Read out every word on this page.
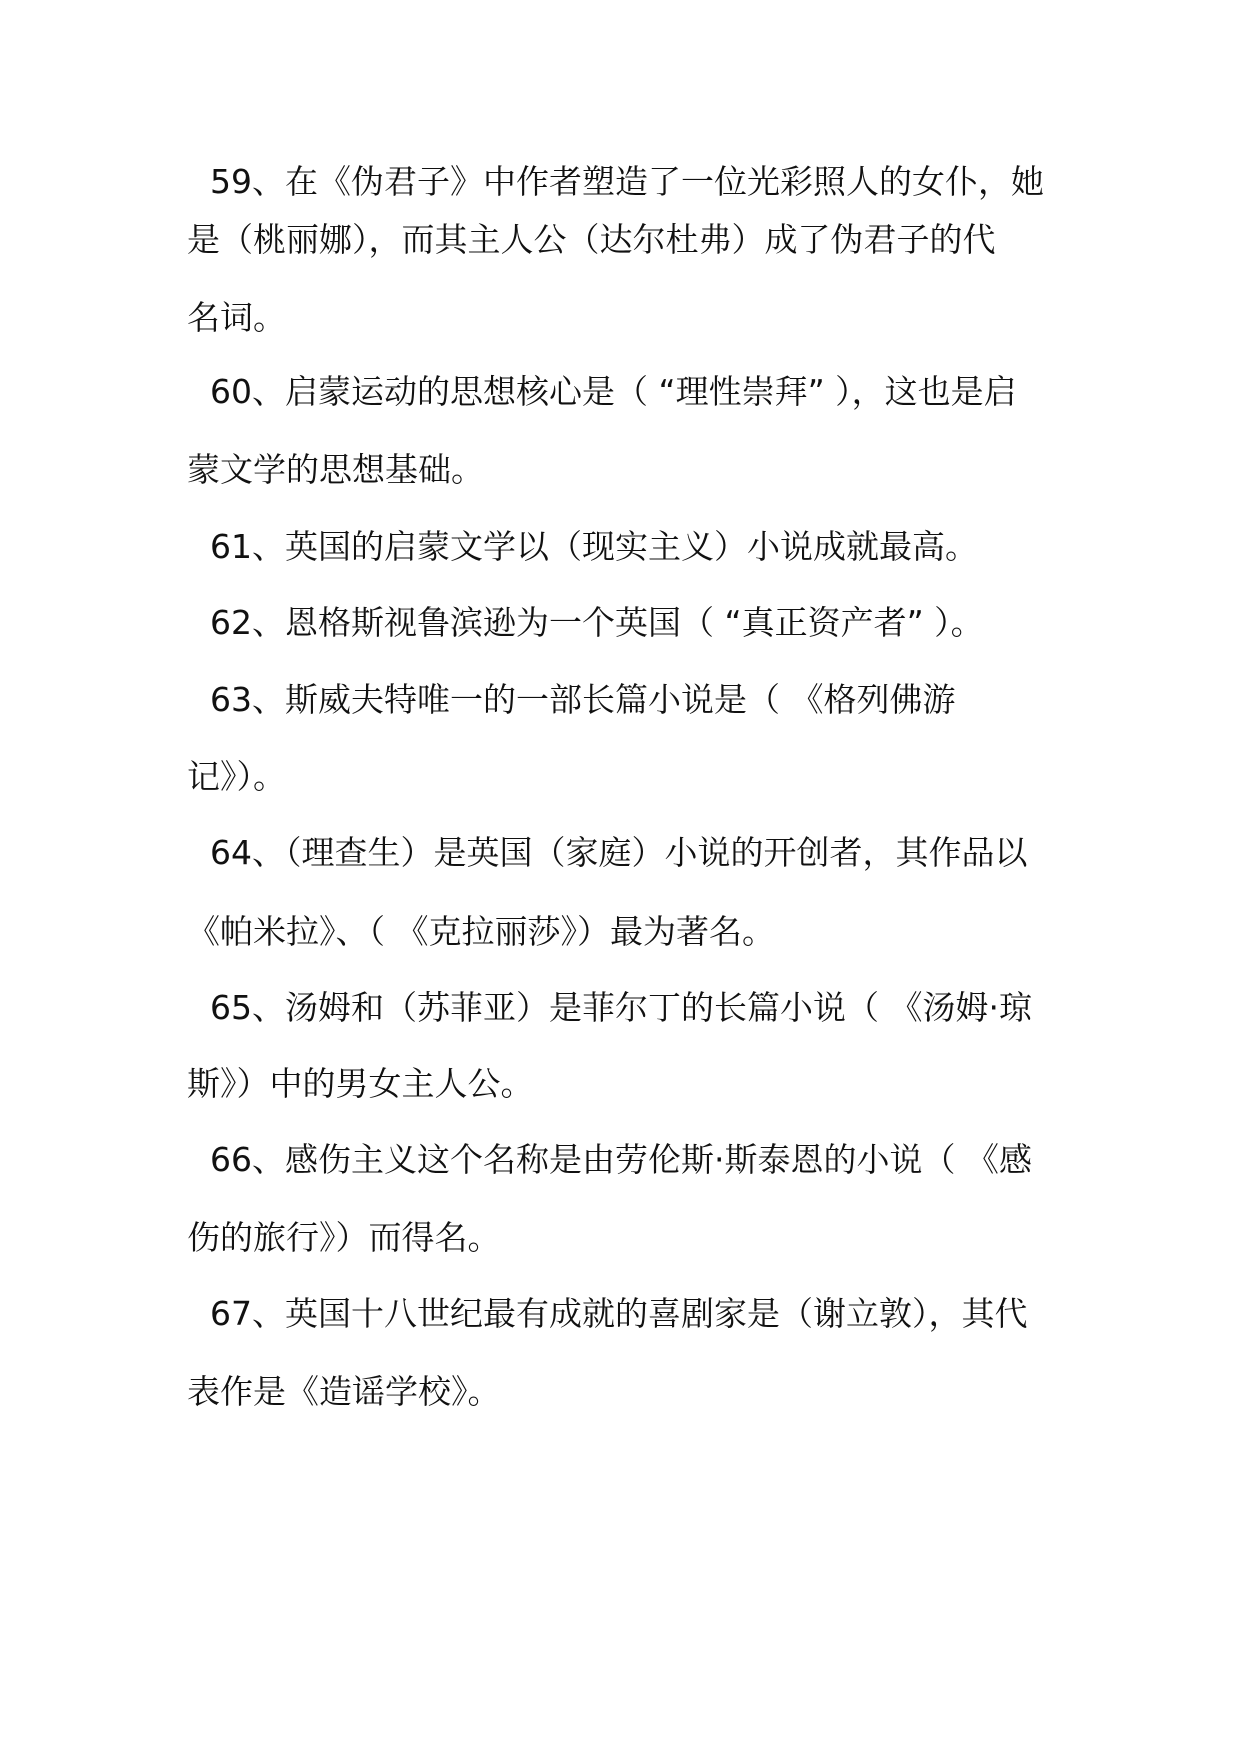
59、在《伪君子》中作者塑造了一位光彩照人的女仆，她
是（桃丽娜），而其主人公（达尔杜弗）成了伪君子的代
名词。
60、启蒙运动的思想核心是（ “理性崇拜” ），这也是启
蒙文学的思想基础。
61、英国的启蒙文学以（现实主义）小说成就最高。
62、恩格斯视鲁滨逊为一个英国（ “真正资产者” ）。
63、斯威夫特唯一的一部长篇小说是（ 《格列佛游
记》）。
64、（理查生）是英国（家庭）小说的开创者，其作品以
《帕米拉》、（ 《克拉丽莎》）最为著名。
65、汤姆和（苏菲亚）是菲尔丁的长篇小说（ 《汤姆·琼
斯》）中的男女主人公。
66、感伤主义这个名称是由劳伦斯·斯泰恩的小说（ 《感
伤的旅行》）而得名。
67、英国十八世纪最有成就的喜剧家是（谢立敦），其代
表作是《造谣学校》。
